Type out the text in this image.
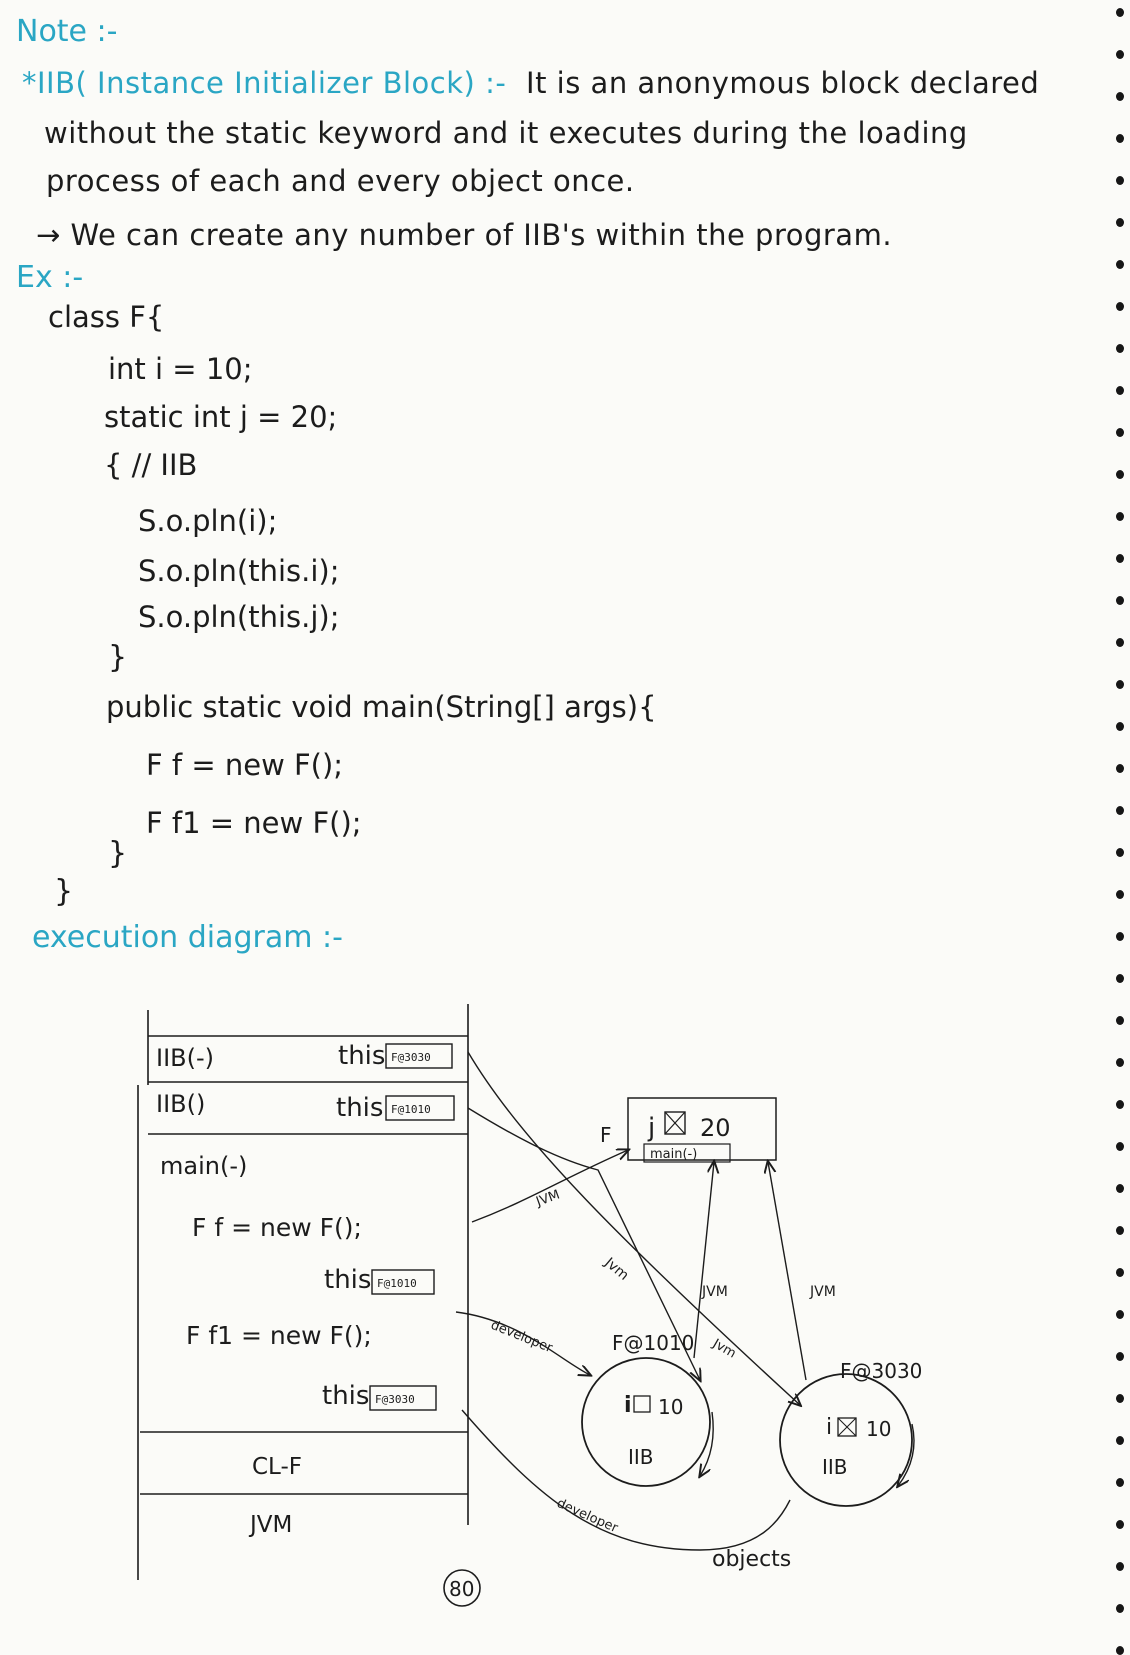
Note :-
*IIB( Instance Initializer Block) :- It is an anonymous block declared
without the static keyword and it executes during the loading
process of each and every object once.
→ We can create any number of IIB's within the program.
Ex :-
class F{
int i = 10;
static int j = 20;
{ // IIB
S.o.pln(i);
S.o.pln(this.i);
S.o.pln(this.j);
}
public static void main(String[] args){
F f = new F();
F f1 = new F();
}
}
execution diagram :-
IIB(-)	this F@3030
IIB()	this F@1010
main(-)
F f = new F();
this F@1010
F f1 = new F();
this F@3030
CL-F
JVM
F j 20
main(-)
F@1010
i 10
IIB
F@3030
i 10
IIB
objects
JVM
Jvm
JVM
Jvm
JVM
developer
developer
80
